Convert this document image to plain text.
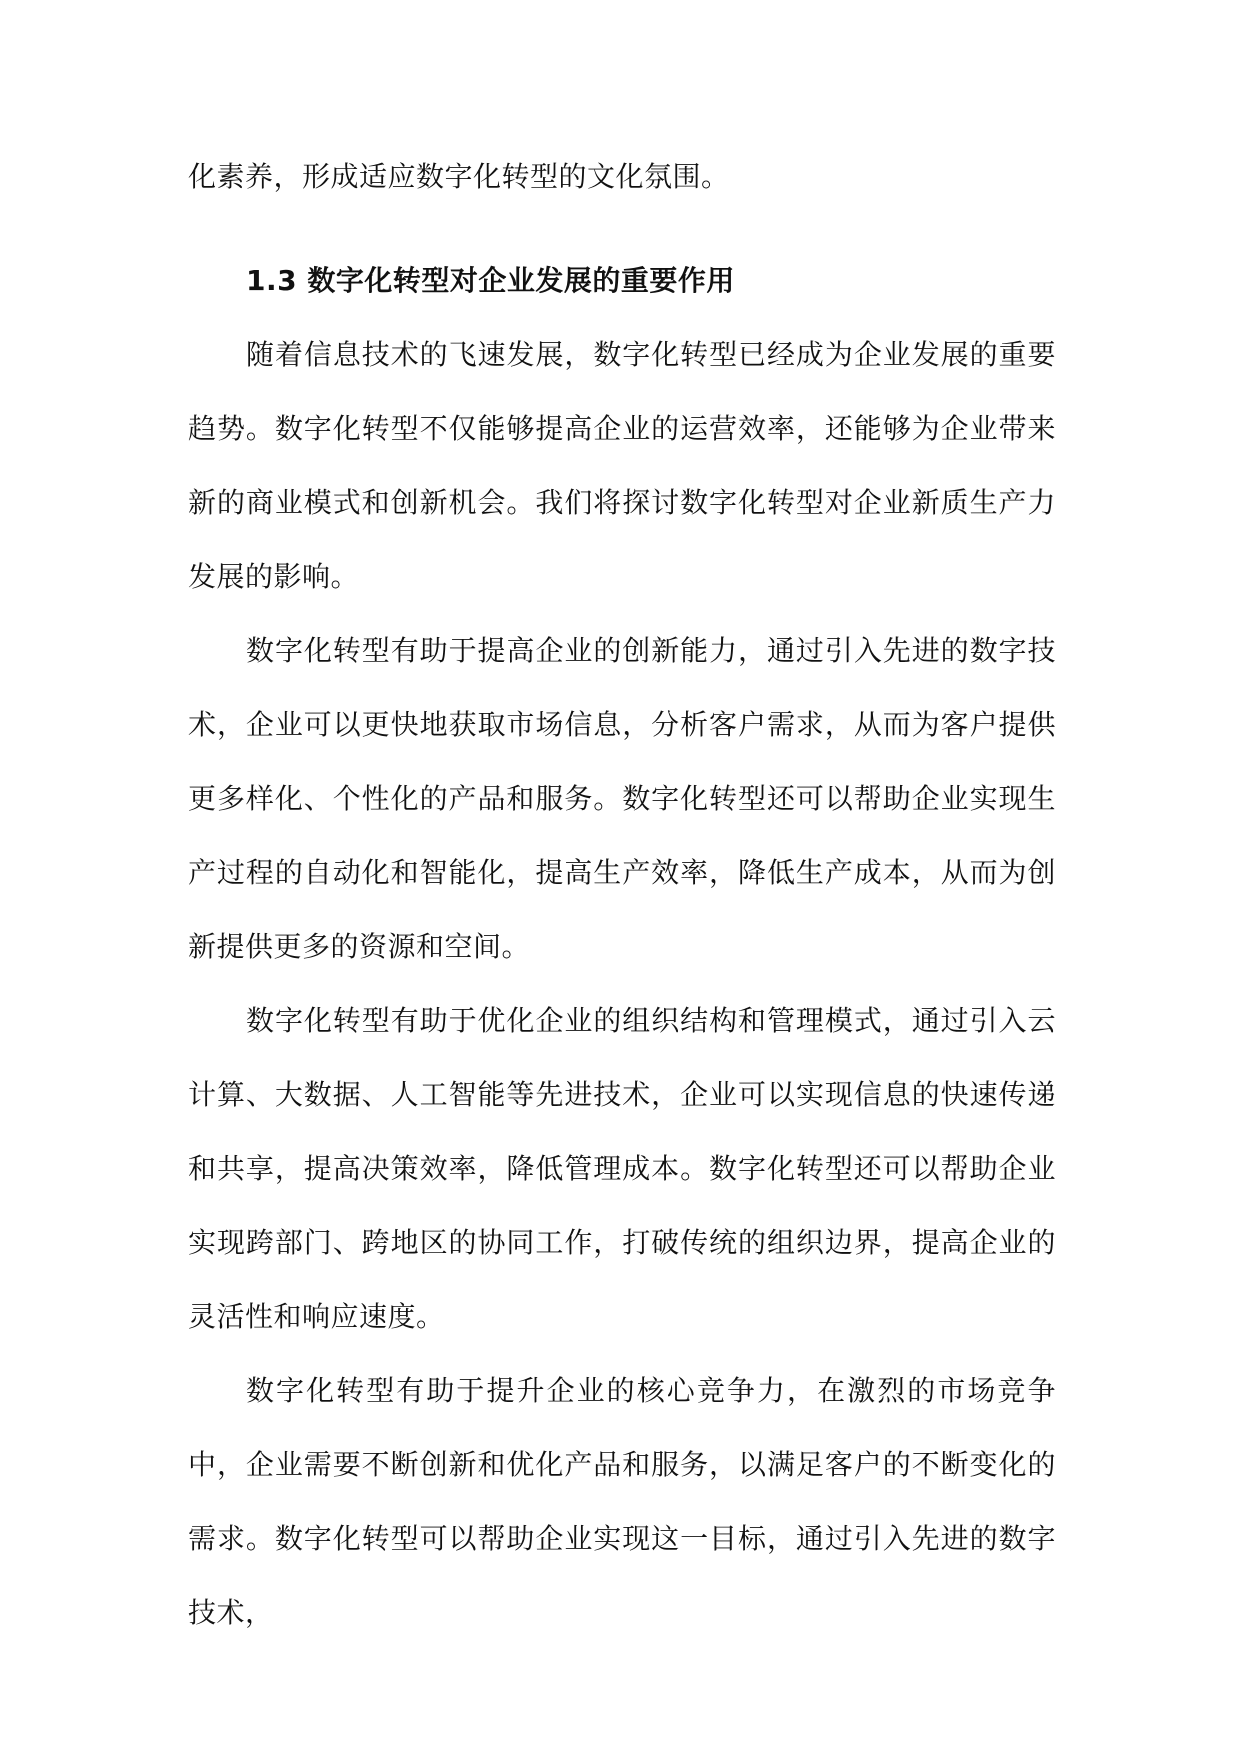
化素养，形成适应数字化转型的文化氛围。

1.3 数字化转型对企业发展的重要作用

随着信息技术的飞速发展，数字化转型已经成为企业发展的重要趋势。数字化转型不仅能够提高企业的运营效率，还能够为企业带来新的商业模式和创新机会。我们将探讨数字化转型对企业新质生产力发展的影响。

数字化转型有助于提高企业的创新能力，通过引入先进的数字技术，企业可以更快地获取市场信息，分析客户需求，从而为客户提供更多样化、个性化的产品和服务。数字化转型还可以帮助企业实现生产过程的自动化和智能化，提高生产效率，降低生产成本，从而为创新提供更多的资源和空间。

数字化转型有助于优化企业的组织结构和管理模式，通过引入云计算、大数据、人工智能等先进技术，企业可以实现信息的快速传递和共享，提高决策效率，降低管理成本。数字化转型还可以帮助企业实现跨部门、跨地区的协同工作，打破传统的组织边界，提高企业的灵活性和响应速度。

数字化转型有助于提升企业的核心竞争力，在激烈的市场竞争中，企业需要不断创新和优化产品和服务，以满足客户的不断变化的需求。数字化转型可以帮助企业实现这一目标，通过引入先进的数字技术，
